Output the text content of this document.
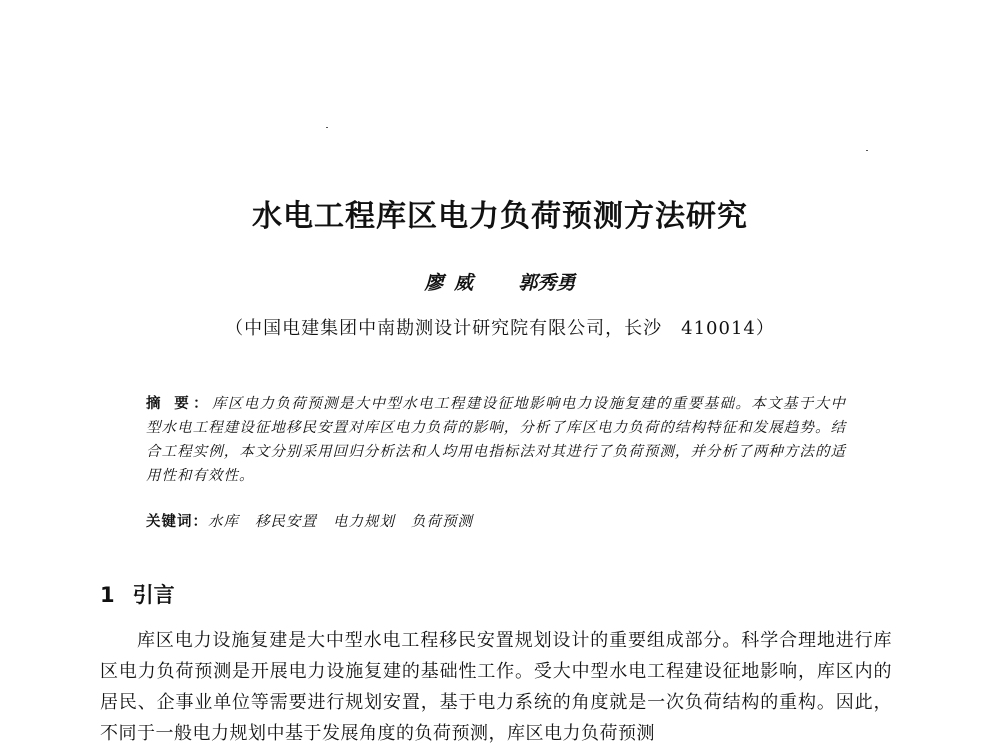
水电工程库区电力负荷预测方法研究

廖 威 郭秀勇

（中国电建集团中南勘测设计研究院有限公司，长沙　410014）

摘 要：库区电力负荷预测是大中型水电工程建设征地影响电力设施复建的重要基础。本文基于大中型水电工程建设征地移民安置对库区电力负荷的影响，分析了库区电力负荷的结构特征和发展趋势。结合工程实例，本文分别采用回归分析法和人均用电指标法对其进行了负荷预测，并分析了两种方法的适用性和有效性。

关键词：水库 移民安置 电力规划 负荷预测

1 引言

库区电力设施复建是大中型水电工程移民安置规划设计的重要组成部分。科学合理地进行库区电力负荷预测是开展电力设施复建的基础性工作。受大中型水电工程建设征地影响，库区内的居民、企事业单位等需要进行规划安置，基于电力系统的角度就是一次负荷结构的重构。因此，不同于一般电力规划中基于发展角度的负荷预测，库区电力负荷预测
